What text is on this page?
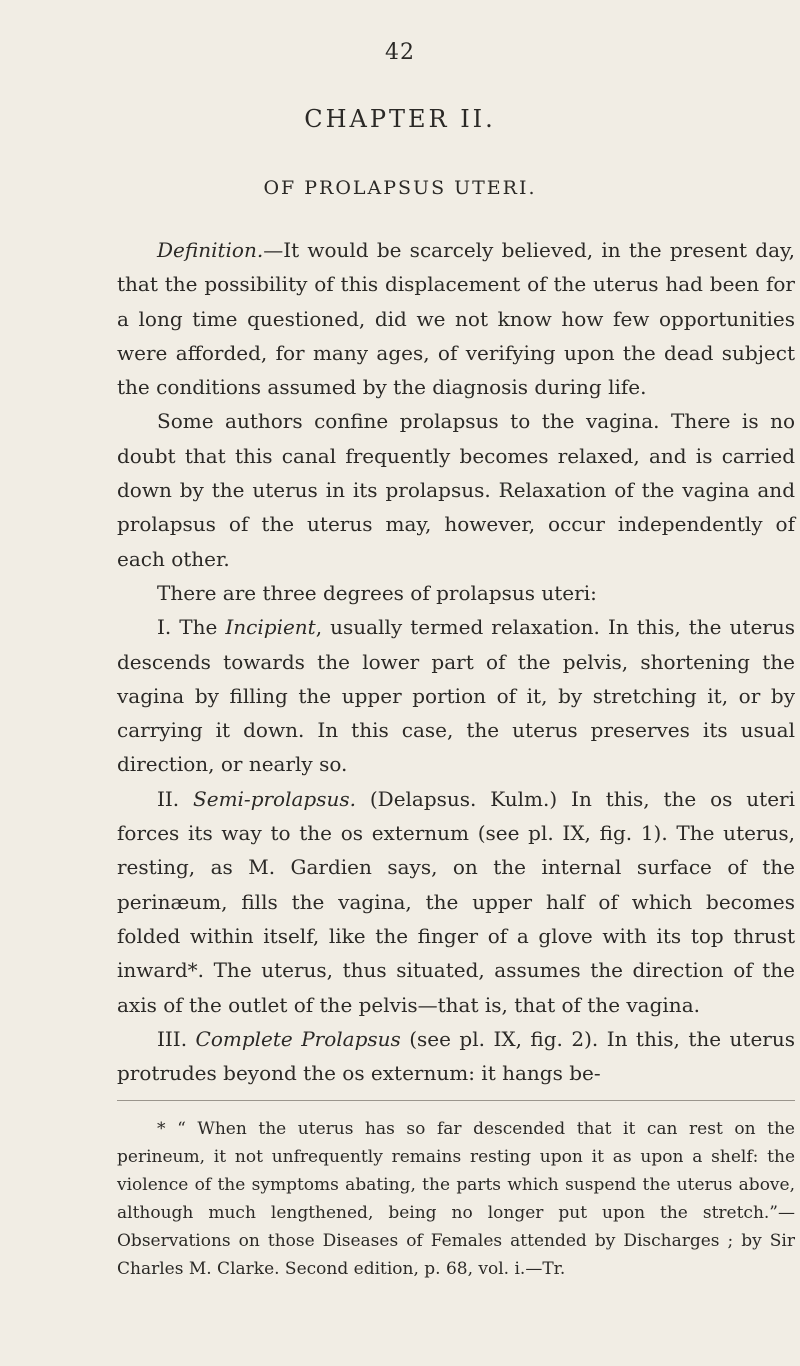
42
CHAPTER II.
OF PROLAPSUS UTERI.

Definition.—It would be scarcely believed, in the present day, that the possibility of this displacement of the uterus had been for a long time questioned, did we not know how few opportunities were afforded, for many ages, of verifying upon the dead subject the conditions assumed by the diagnosis during life.

Some authors confine prolapsus to the vagina. There is no doubt that this canal frequently becomes relaxed, and is carried down by the uterus in its prolapsus. Relaxation of the vagina and prolapsus of the uterus may, however, occur independently of each other.

There are three degrees of prolapsus uteri:

I. The Incipient, usually termed relaxation. In this, the uterus descends towards the lower part of the pelvis, shortening the vagina by filling the upper portion of it, by stretching it, or by carrying it down. In this case, the uterus preserves its usual direction, or nearly so.

II. Semi-prolapsus. (Delapsus. Kulm.) In this, the os uteri forces its way to the os externum (see pl. IX, fig. 1). The uterus, resting, as M. Gardien says, on the internal surface of the perinæum, fills the vagina, the upper half of which becomes folded within itself, like the finger of a glove with its top thrust inward*. The uterus, thus situated, assumes the direction of the axis of the outlet of the pelvis—that is, that of the vagina.

III. Complete Prolapsus (see pl. IX, fig. 2). In this, the uterus protrudes beyond the os externum: it hangs be-

* “ When the uterus has so far descended that it can rest on the perineum, it not unfrequently remains resting upon it as upon a shelf: the violence of the symptoms abating, the parts which suspend the uterus above, although much lengthened, being no longer put upon the stretch.”—Observations on those Diseases of Females attended by Discharges ; by Sir Charles M. Clarke. Second edition, p. 68, vol. i.—Tr.
